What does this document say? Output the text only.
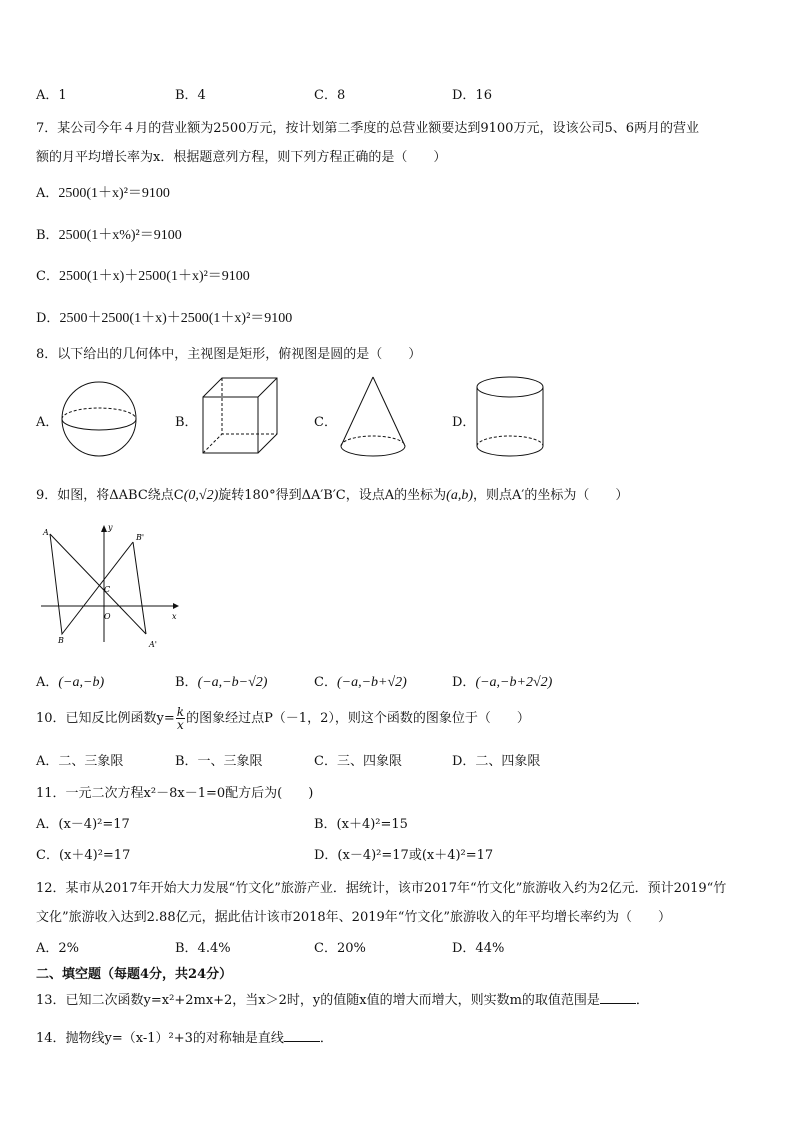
A．1	B．4	C．8	D．16
7．某公司今年４月的营业额为2500万元，按计划第二季度的总营业额要达到9100万元，设该公司5、6两月的营业
额的月平均增长率为x．根据题意列方程，则下列方程正确的是（　　）
A．2500(1＋x)²＝9100
B．2500(1＋x%)²＝9100
C．2500(1＋x)＋2500(1＋x)²＝9100
D．2500＋2500(1＋x)＋2500(1＋x)²＝9100
8．以下给出的几何体中，主视图是矩形，俯视图是圆的是（　　）
A．	B．	C．	D．
9．如图，将ΔABC绕点C(0,√2)旋转180°得到ΔA′B′C，设点A的坐标为(a,b)，则点A′的坐标为（　　）
A
B
B'
A'
C
O	x
y
A．(−a,−b)	B．(−a,−b−√2)	C．(−a,−b+√2)	D．(−a,−b+2√2)
10．已知反比例函数$y= \frac{k}{x}$ 的图象经过点P（－1，2），则这个函数的图象位于（　　）
A．二、三象限	B．一、三象限	C．三、四象限	D．二、四象限
11．一元二次方程x²－8x－1=0配方后为(　　)
A．(x－4)²=17	B．(x＋4)²=15
C．(x＋4)²=17	D．(x－4)²=17或(x＋4)²=17
12．某市从2017年开始大力发展“竹文化”旅游产业．据统计，该市2017年“竹文化”旅游收入约为2亿元．预计2019“竹
文化”旅游收入达到2.88亿元，据此估计该市2018年、2019年“竹文化”旅游收入的年平均增长率约为（　　）
A．2%	B．4.4%	C．20%	D．44%
二、填空题（每题4分，共24分）
13．已知二次函数y=x²+2mx+2，当x＞2时，y的值随x值的增大而增大，则实数m的取值范围是	．
14．抛物线y=（x-1）²+3的对称轴是直线	．
